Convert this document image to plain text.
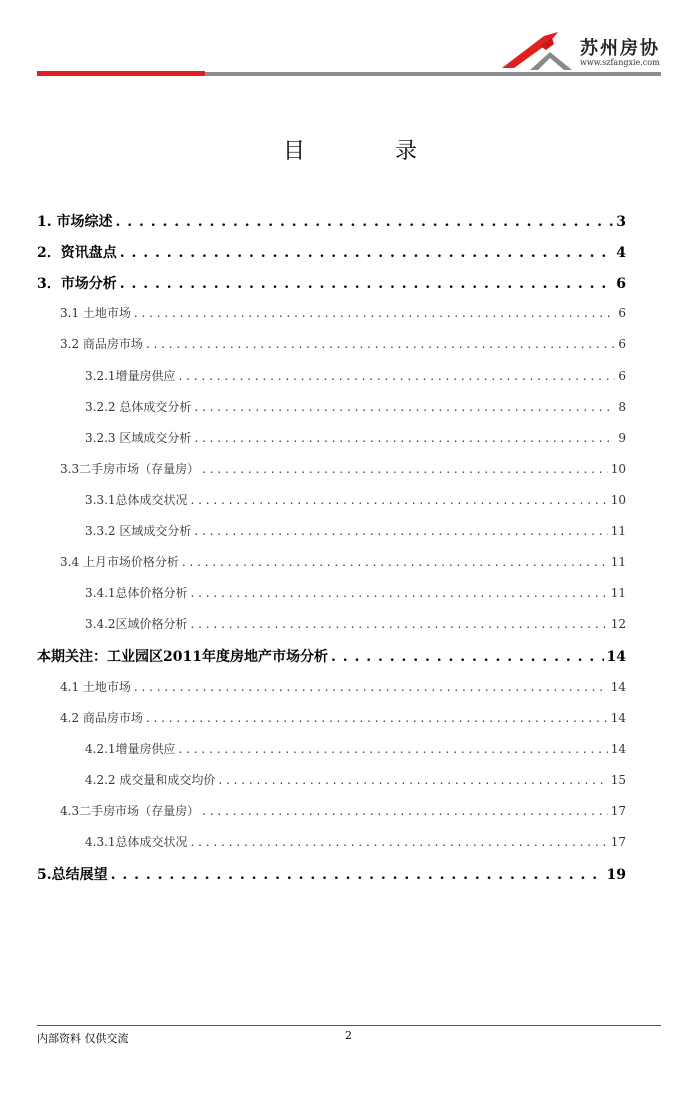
苏州房协
www.szfangxie.com
目录
1. 市场综述 . . .	3
2．资讯盘点 . . .	4
3．市场分析 . . .	6
3.1 土地市场 . . .	6
3.2 商品房市场 . . .	6
3.2.1增量房供应 . . .	6
3.2.2 总体成交分析 . . .	8
3.2.3 区域成交分析 . . .	9
3.3二手房市场（存量房） . . .	10
3.3.1总体成交状况 . . .	10
3.3.2 区域成交分析 . . .	11
3.4 上月市场价格分析 . . .	11
3.4.1总体价格分析 . . .	11
3.4.2区域价格分析 . . .	12
本期关注：工业园区2011年度房地产市场分析 . . .	14
4.1 土地市场 . . .	14
4.2 商品房市场 . . .	14
4.2.1增量房供应 . . .	14
4.2.2 成交量和成交均价 . . .	15
4.3二手房市场（存量房） . . .	17
4.3.1总体成交状况 . . .	17
5.总结展望 . . .	19
内部资料 仅供交流	2
